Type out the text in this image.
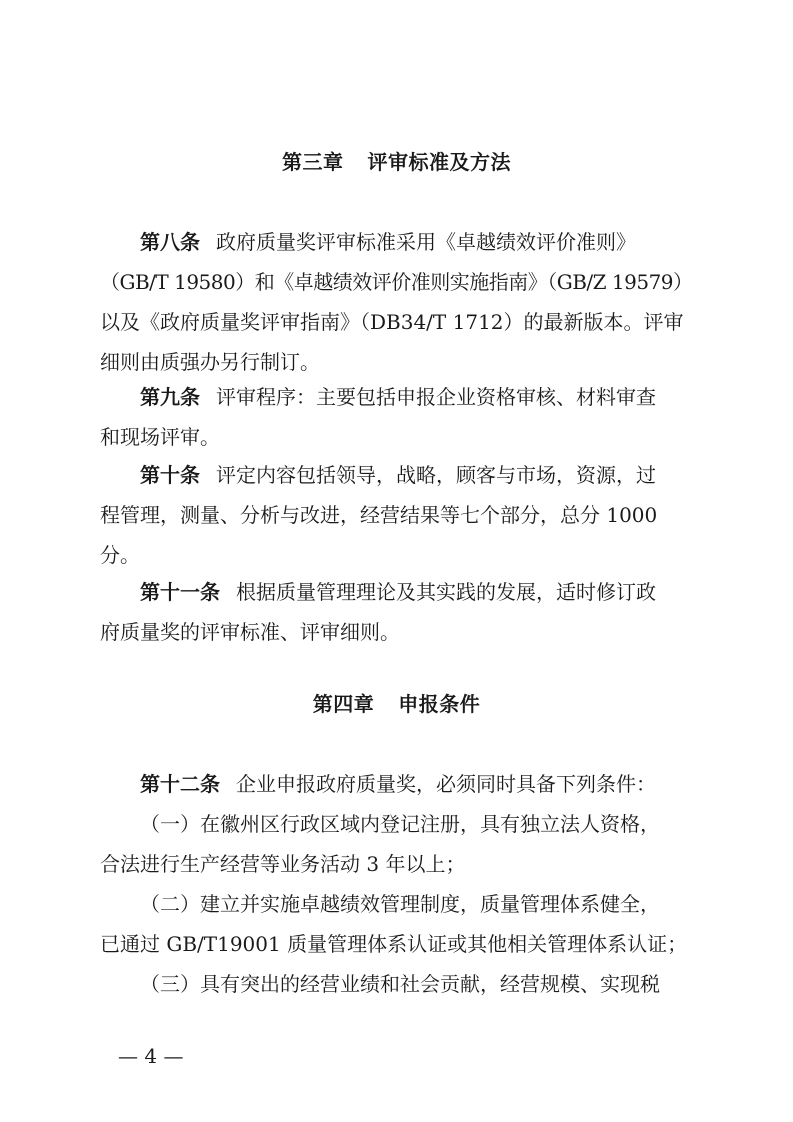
第三章 评审标准及方法
第八条 政府质量奖评审标准采用《卓越绩效评价准则》
（GB/T 19580）和《卓越绩效评价准则实施指南》（GB/Z 19579）
以及《政府质量奖评审指南》（DB34/T 1712）的最新版本。评审
细则由质强办另行制订。
第九条 评审程序：主要包括申报企业资格审核、材料审查
和现场评审。
第十条 评定内容包括领导，战略，顾客与市场，资源，过
程管理，测量、分析与改进，经营结果等七个部分，总分 1000
分。
第十一条 根据质量管理理论及其实践的发展，适时修订政
府质量奖的评审标准、评审细则。
第四章 申报条件
第十二条 企业申报政府质量奖，必须同时具备下列条件：
（一）在徽州区行政区域内登记注册，具有独立法人资格，
合法进行生产经营等业务活动 3 年以上；
（二）建立并实施卓越绩效管理制度，质量管理体系健全，
已通过 GB/T19001 质量管理体系认证或其他相关管理体系认证；
（三）具有突出的经营业绩和社会贡献，经营规模、实现税
— 4 —
